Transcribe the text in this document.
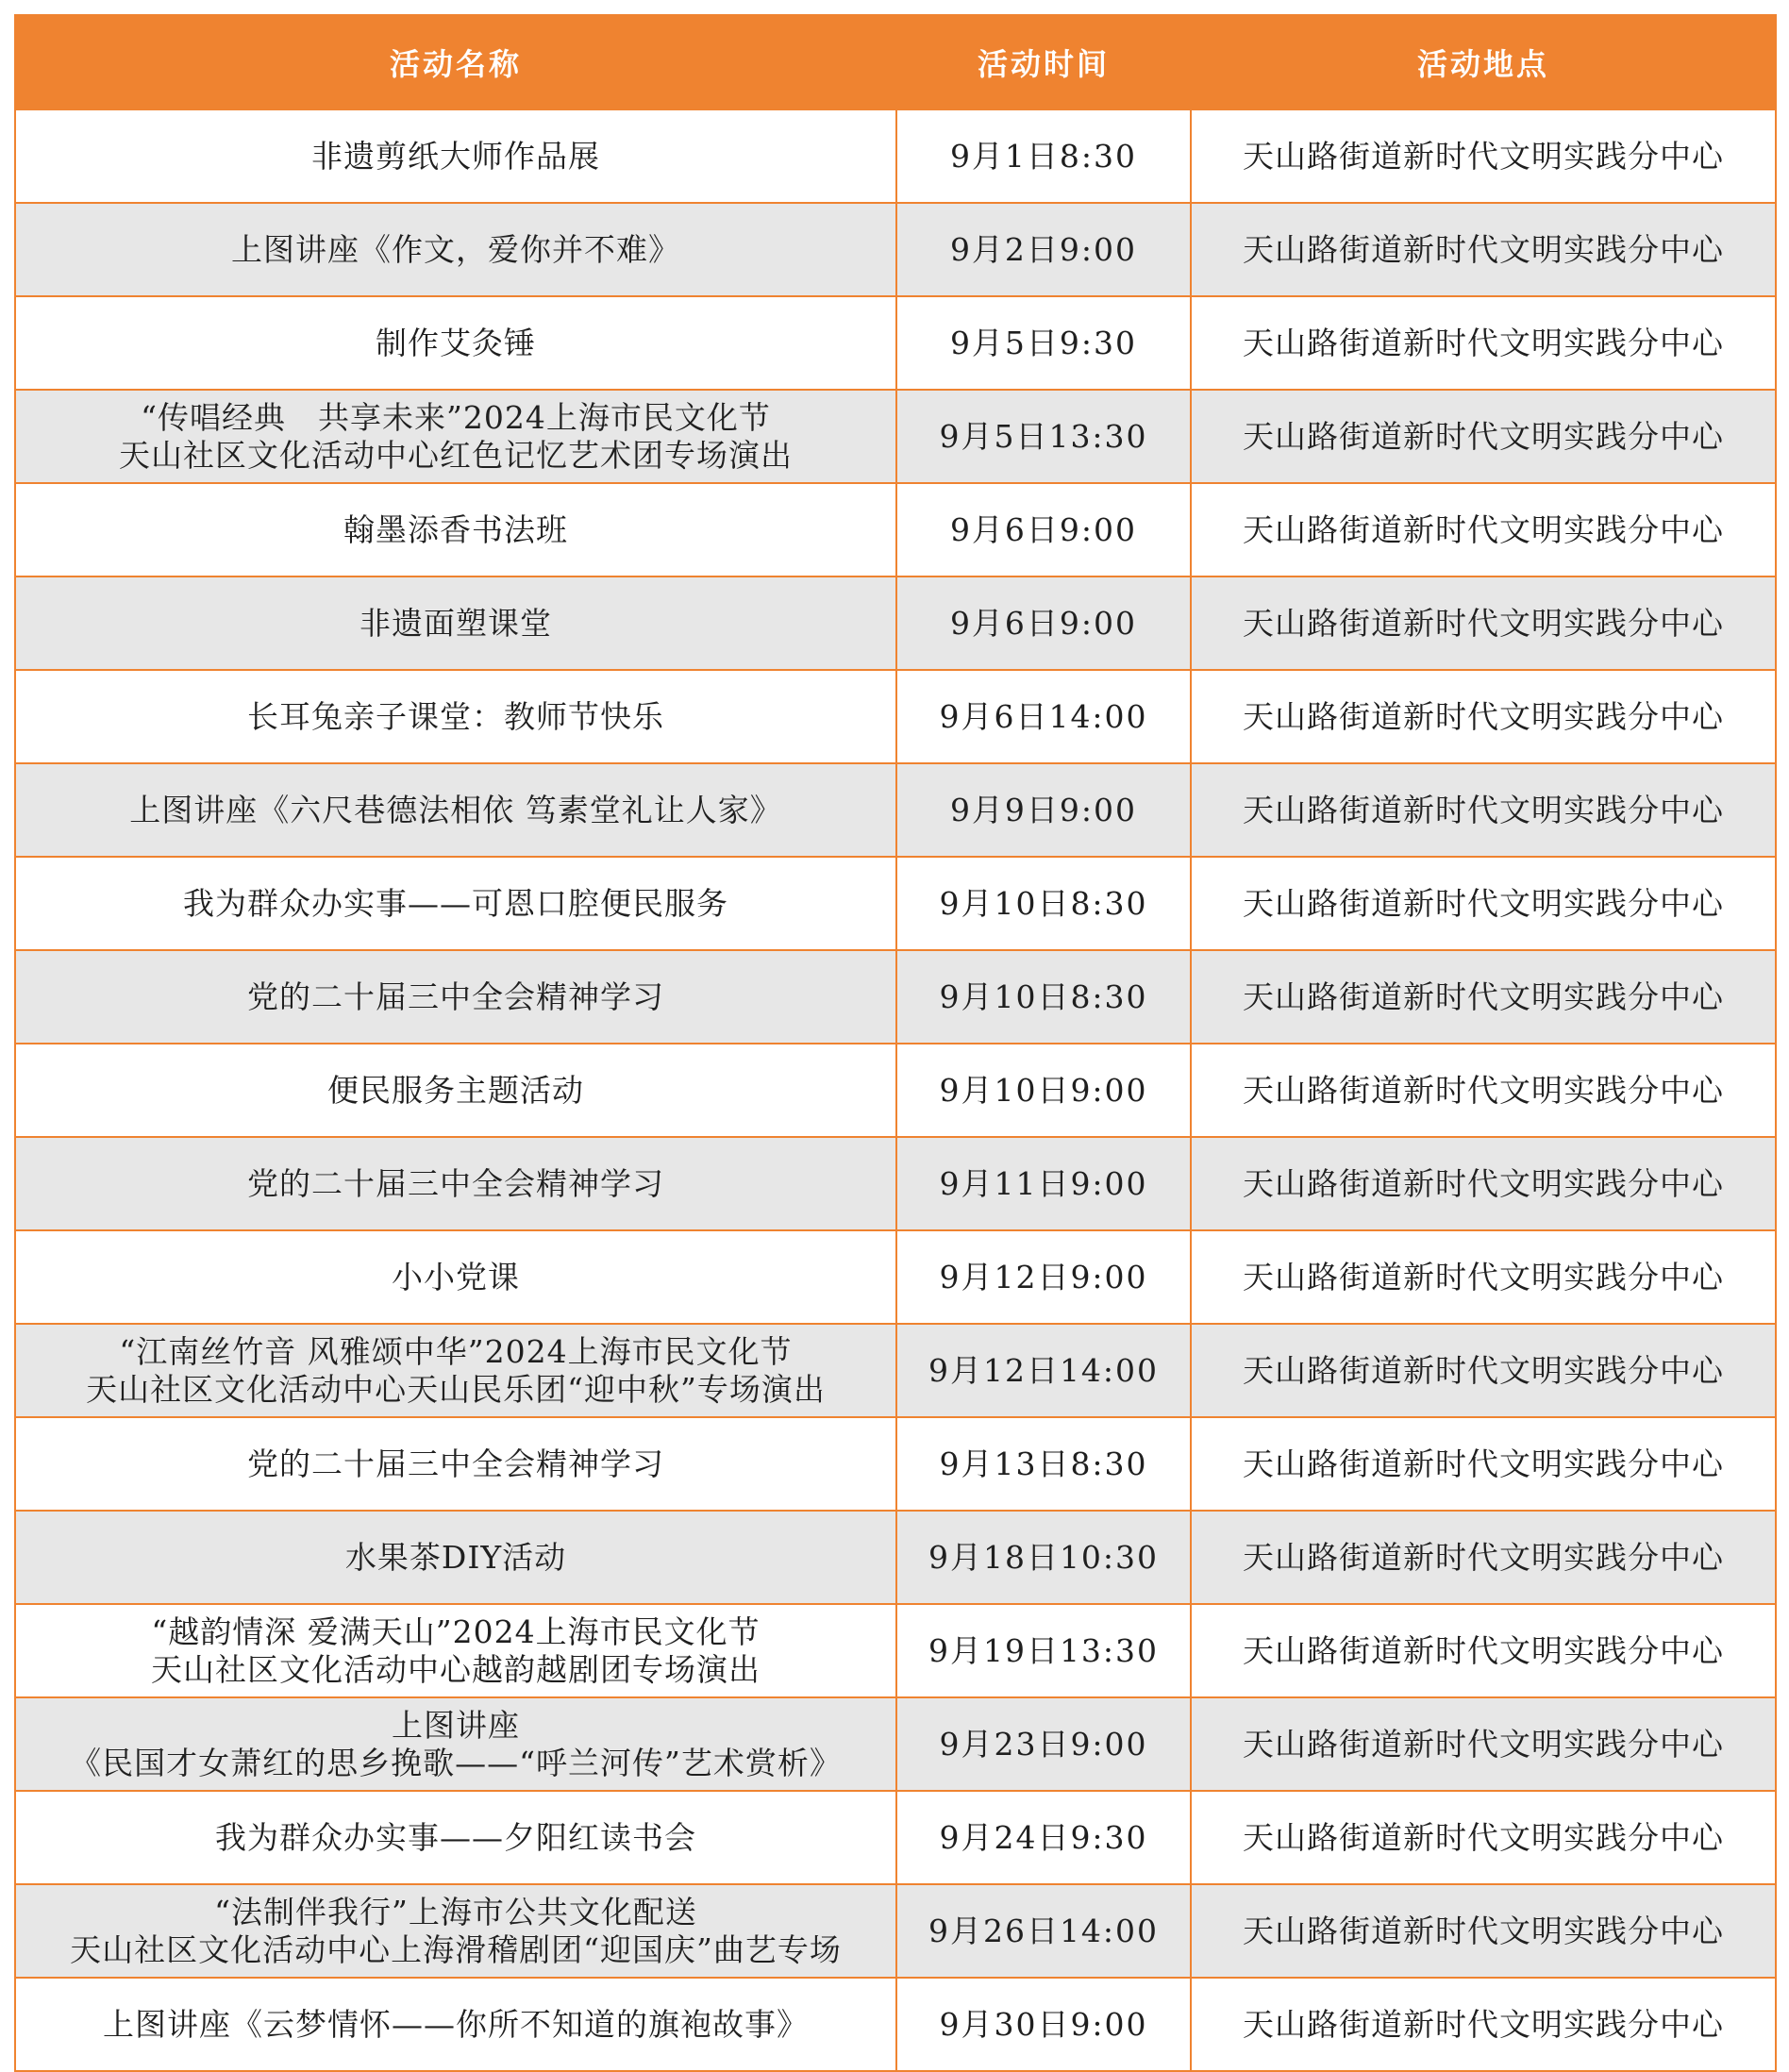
活动名称	活动时间	活动地点

非遗剪纸大师作品展	9月1日8:30	天山路街道新时代文明实践分中心

上图讲座《作文，爱你并不难》	9月2日9:00	天山路街道新时代文明实践分中心

制作艾灸锤	9月5日9:30	天山路街道新时代文明实践分中心

“传唱经典　共享未来”2024上海市民文化节
天山社区文化活动中心红色记忆艺术团专场演出	9月5日13:30	天山路街道新时代文明实践分中心

翰墨添香书法班	9月6日9:00	天山路街道新时代文明实践分中心

非遗面塑课堂	9月6日9:00	天山路街道新时代文明实践分中心

长耳兔亲子课堂：教师节快乐	9月6日14:00	天山路街道新时代文明实践分中心

上图讲座《六尺巷德法相依 笃素堂礼让人家》	9月9日9:00	天山路街道新时代文明实践分中心

我为群众办实事——可恩口腔便民服务	9月10日8:30	天山路街道新时代文明实践分中心

党的二十届三中全会精神学习	9月10日8:30	天山路街道新时代文明实践分中心

便民服务主题活动	9月10日9:00	天山路街道新时代文明实践分中心

党的二十届三中全会精神学习	9月11日9:00	天山路街道新时代文明实践分中心

小小党课	9月12日9:00	天山路街道新时代文明实践分中心

“江南丝竹音 风雅颂中华”2024上海市民文化节
天山社区文化活动中心天山民乐团“迎中秋”专场演出	9月12日14:00	天山路街道新时代文明实践分中心

党的二十届三中全会精神学习	9月13日8:30	天山路街道新时代文明实践分中心

水果茶DIY活动	9月18日10:30	天山路街道新时代文明实践分中心

“越韵情深 爱满天山”2024上海市民文化节
天山社区文化活动中心越韵越剧团专场演出	9月19日13:30	天山路街道新时代文明实践分中心

上图讲座
《民国才女萧红的思乡挽歌——“呼兰河传”艺术赏析》	9月23日9:00	天山路街道新时代文明实践分中心

我为群众办实事——夕阳红读书会	9月24日9:30	天山路街道新时代文明实践分中心

“法制伴我行”上海市公共文化配送
天山社区文化活动中心上海滑稽剧团“迎国庆”曲艺专场	9月26日14:00	天山路街道新时代文明实践分中心

上图讲座《云梦情怀——你所不知道的旗袍故事》	9月30日9:00	天山路街道新时代文明实践分中心
